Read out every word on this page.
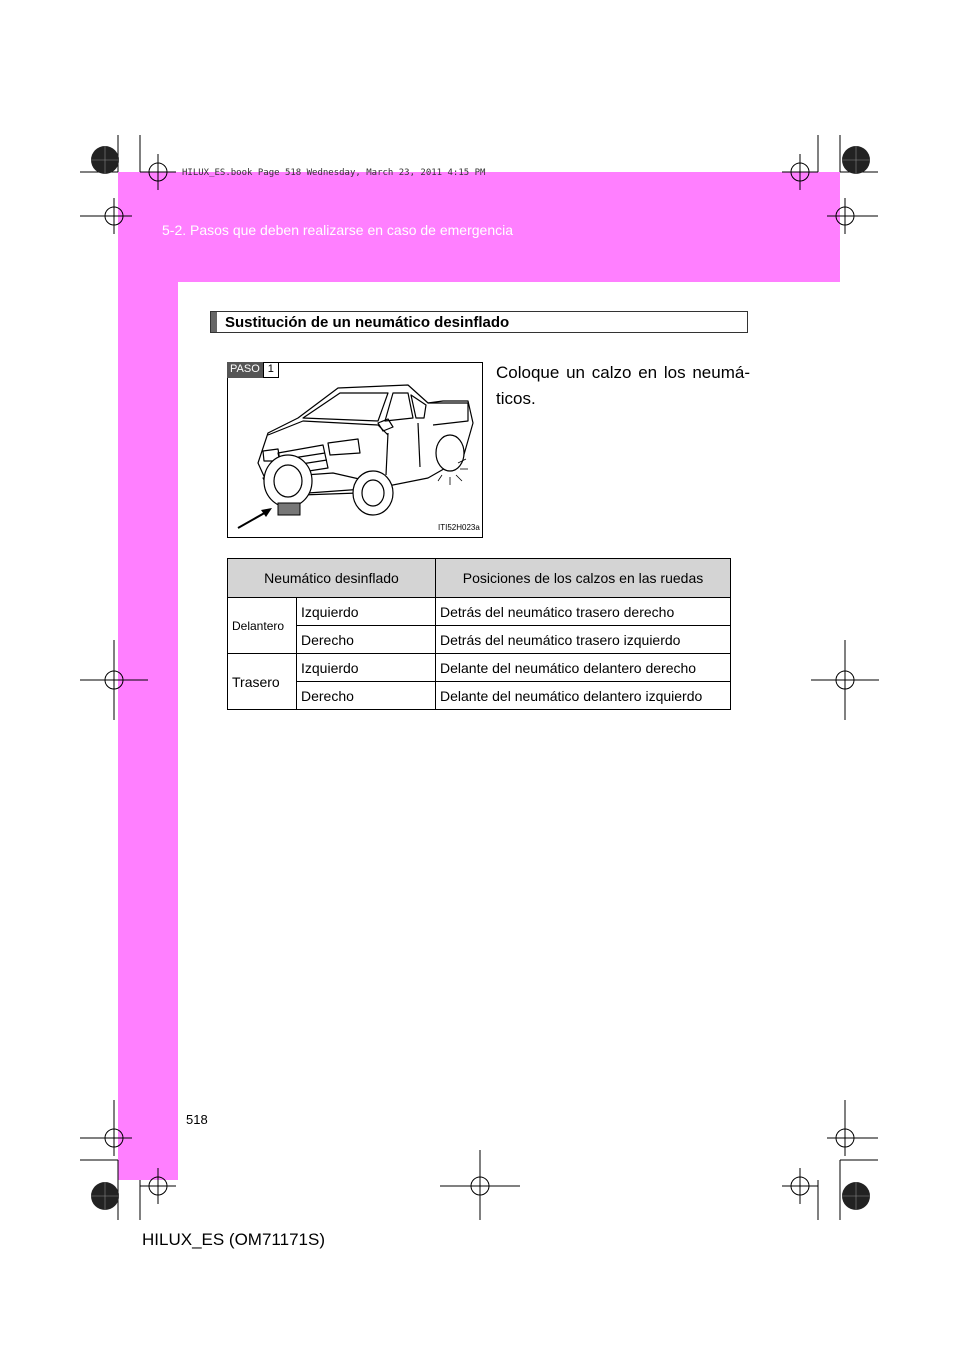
HILUX_ES.book Page 518 Wednesday, March 23, 2011 4:15 PM
5-2. Pasos que deben realizarse en caso de emergencia
Sustitución de un neumático desinflado
PASO 1
ITI52H023a
Coloque un calzo en los neumá-ticos.
Neumático desinflado		Posiciones de los calzos en las ruedas
Delantero	Izquierdo	Detrás del neumático trasero derecho
	Derecho	Detrás del neumático trasero izquierdo
Trasero	Izquierdo	Delante del neumático delantero derecho
	Derecho	Delante del neumático delantero izquierdo
518
HILUX_ES (OM71171S)
